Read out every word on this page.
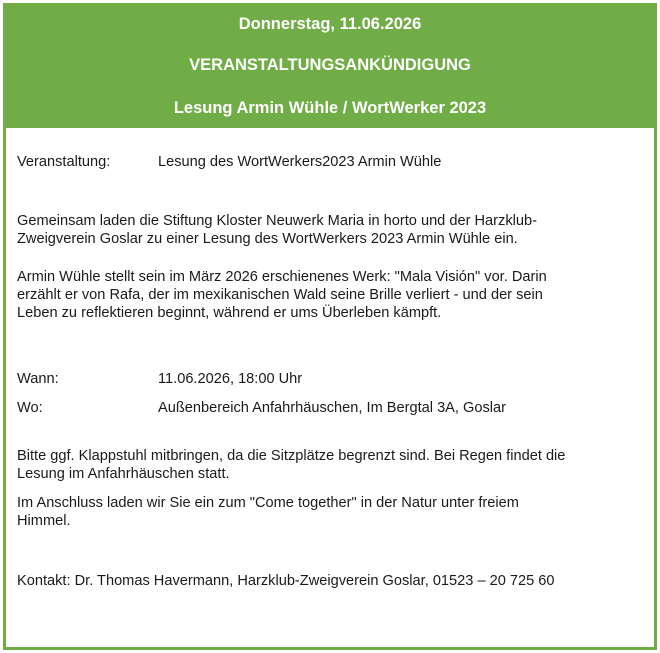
Donnerstag, 11.06.2026
VERANSTALTUNGSANKÜNDIGUNG
Lesung Armin Wühle / WortWerker 2023
Veranstaltung:	Lesung des WortWerkers2023 Armin Wühle
Gemeinsam laden die Stiftung Kloster Neuwerk Maria in horto und der Harzklub-
Zweigverein Goslar zu einer Lesung des WortWerkers 2023 Armin Wühle ein.
Armin Wühle stellt sein im März 2026 erschienenes Werk: "Mala Visión" vor. Darin
erzählt er von Rafa, der im mexikanischen Wald seine Brille verliert - und der sein
Leben zu reflektieren beginnt, während er ums Überleben kämpft.
Wann:	11.06.2026, 18:00 Uhr
Wo:	Außenbereich Anfahrhäuschen, Im Bergtal 3A, Goslar
Bitte ggf. Klappstuhl mitbringen, da die Sitzplätze begrenzt sind. Bei Regen findet die
Lesung im Anfahrhäuschen statt.
Im Anschluss laden wir Sie ein zum "Come together" in der Natur unter freiem
Himmel.
Kontakt: Dr. Thomas Havermann, Harzklub-Zweigverein Goslar, 01523 – 20 725 60
